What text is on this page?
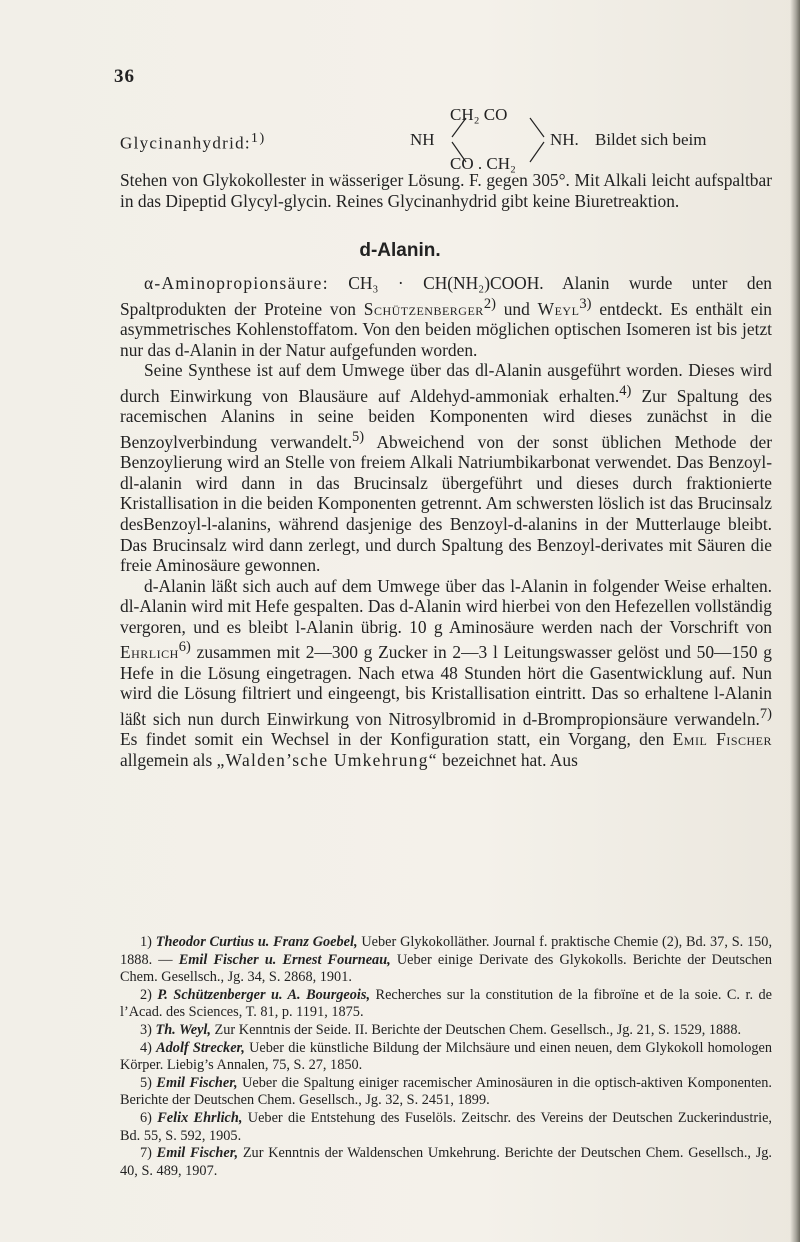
36
Glycinanhydrid:$^{1)}$	NH
CH₂ CO
CO . CH₂
NH. Bildet sich beim
Stehen von Glykokollester in wässeriger Lösung. F. gegen 305°. Mit Alkali leicht aufspaltbar in das Dipeptid Glycyl-glycin. Reines Glycinanhydrid gibt keine Biuretreaktion.
d-Alanin.
α-Aminopropionsäure: CH₃ · CH(NH₂)COOH. Alanin wurde unter den Spaltprodukten der Proteine von Schützenberger$^{2)}$ und Weyl$^{3)}$ entdeckt. Es enthält ein asymmetrisches Kohlenstoffatom. Von den beiden möglichen optischen Isomeren ist bis jetzt nur das d-Alanin in der Natur aufgefunden worden.
Seine Synthese ist auf dem Umwege über das dl-Alanin ausgeführt worden. Dieses wird durch Einwirkung von Blausäure auf Aldehyd-ammoniak erhalten.$^{4)}$ Zur Spaltung des racemischen Alanins in seine beiden Komponenten wird dieses zunächst in die Benzoylverbindung verwandelt.$^{5)}$ Abweichend von der sonst üblichen Methode der Benzoylierung wird an Stelle von freiem Alkali Natriumbikarbonat verwendet. Das Benzoyl-dl-alanin wird dann in das Brucinsalz übergeführt und dieses durch fraktionierte Kristallisation in die beiden Komponenten getrennt. Am schwersten löslich ist das Brucinsalz desBenzoyl-l-alanins, während dasjenige des Benzoyl-d-alanins in der Mutterlauge bleibt. Das Brucinsalz wird dann zerlegt, und durch Spaltung des Benzoyl-derivates mit Säuren die freie Aminosäure gewonnen.
d-Alanin läßt sich auch auf dem Umwege über das l-Alanin in folgender Weise erhalten. dl-Alanin wird mit Hefe gespalten. Das d-Alanin wird hierbei von den Hefezellen vollständig vergoren, und es bleibt l-Alanin übrig. 10 g Aminosäure werden nach der Vorschrift von Ehrlich$^{6)}$ zusammen mit 2—300 g Zucker in 2—3 l Leitungswasser gelöst und 50—150 g Hefe in die Lösung eingetragen. Nach etwa 48 Stunden hört die Gasentwicklung auf. Nun wird die Lösung filtriert und eingeengt, bis Kristallisation eintritt. Das so erhaltene l-Alanin läßt sich nun durch Einwirkung von Nitrosylbromid in d-Brompropionsäure verwandeln.$^{7)}$ Es findet somit ein Wechsel in der Konfiguration statt, ein Vorgang, den Emil Fischer allgemein als „Walden’sche Umkehrung“ bezeichnet hat. Aus

1) Theodor Curtius u. Franz Goebel, Ueber Glykokolläther. Journal f. praktische Chemie (2), Bd. 37, S. 150, 1888. — Emil Fischer u. Ernest Fourneau, Ueber einige Derivate des Glykokolls. Berichte der Deutschen Chem. Gesellsch., Jg. 34, S. 2868, 1901.

2) P. Schützenberger u. A. Bourgeois, Recherches sur la constitution de la fibroïne et de la soie. C. r. de l’Acad. des Sciences, T. 81, p. 1191, 1875.

3) Th. Weyl, Zur Kenntnis der Seide. II. Berichte der Deutschen Chem. Gesellsch., Jg. 21, S. 1529, 1888.

4) Adolf Strecker, Ueber die künstliche Bildung der Milchsäure und einen neuen, dem Glykokoll homologen Körper. Liebig’s Annalen, 75, S. 27, 1850.

5) Emil Fischer, Ueber die Spaltung einiger racemischer Aminosäuren in die optisch-aktiven Komponenten. Berichte der Deutschen Chem. Gesellsch., Jg. 32, S. 2451, 1899.

6) Felix Ehrlich, Ueber die Entstehung des Fuselöls. Zeitschr. des Vereins der Deutschen Zuckerindustrie, Bd. 55, S. 592, 1905.

7) Emil Fischer, Zur Kenntnis der Waldenschen Umkehrung. Berichte der Deutschen Chem. Gesellsch., Jg. 40, S. 489, 1907.
